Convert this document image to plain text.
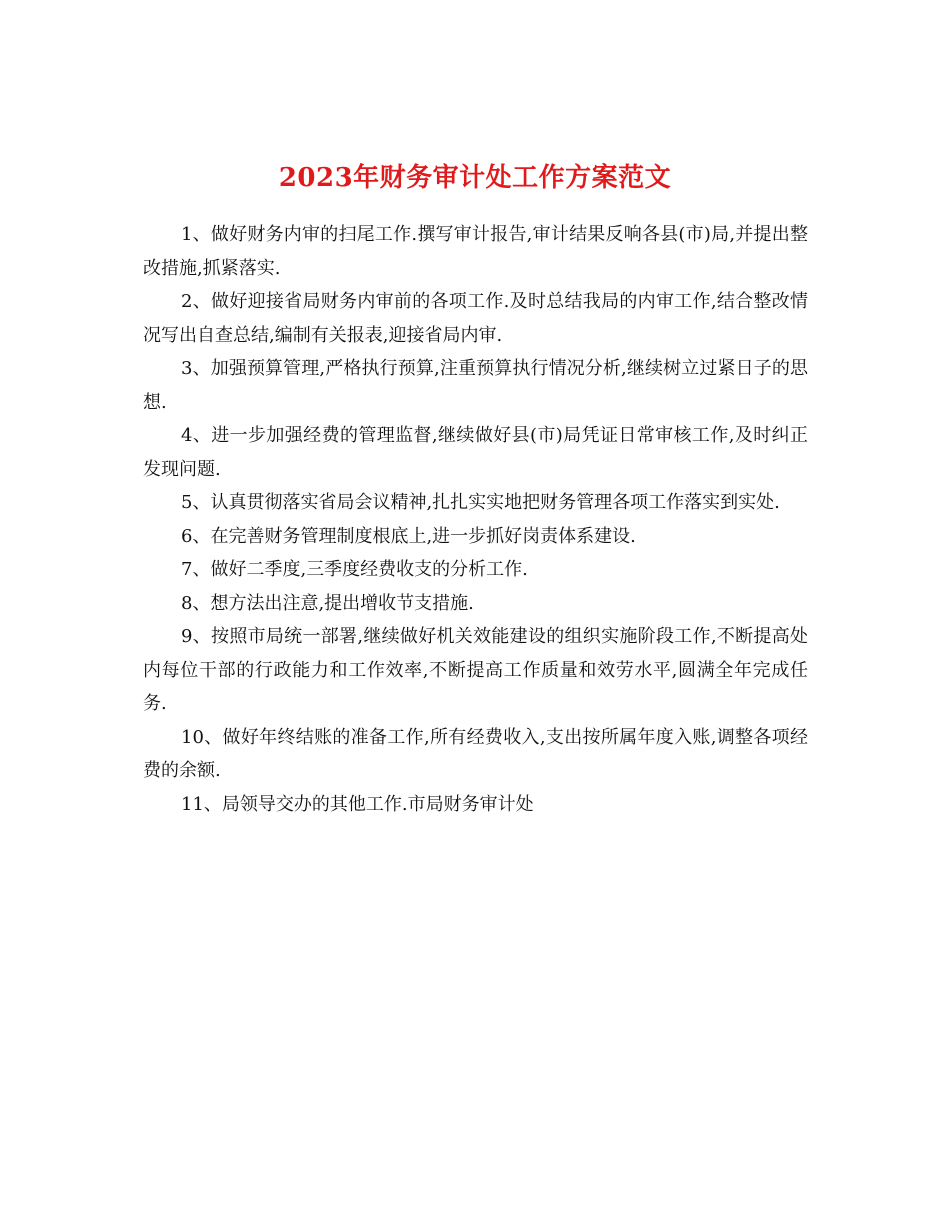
2023年财务审计处工作方案范文

1、做好财务内审的扫尾工作.撰写审计报告,审计结果反响各县(市)局,并提出整改措施,抓紧落实.

2、做好迎接省局财务内审前的各项工作.及时总结我局的内审工作,结合整改情况写出自查总结,编制有关报表,迎接省局内审.

3、加强预算管理,严格执行预算,注重预算执行情况分析,继续树立过紧日子的思想.

4、进一步加强经费的管理监督,继续做好县(市)局凭证日常审核工作,及时纠正发现问题.

5、认真贯彻落实省局会议精神,扎扎实实地把财务管理各项工作落实到实处.

6、在完善财务管理制度根底上,进一步抓好岗责体系建设.

7、做好二季度,三季度经费收支的分析工作.

8、想方法出注意,提出增收节支措施.

9、按照市局统一部署,继续做好机关效能建设的组织实施阶段工作,不断提高处内每位干部的行政能力和工作效率,不断提高工作质量和效劳水平,圆满全年完成任务.

10、做好年终结账的准备工作,所有经费收入,支出按所属年度入账,调整各项经费的余额.

11、局领导交办的其他工作.市局财务审计处
